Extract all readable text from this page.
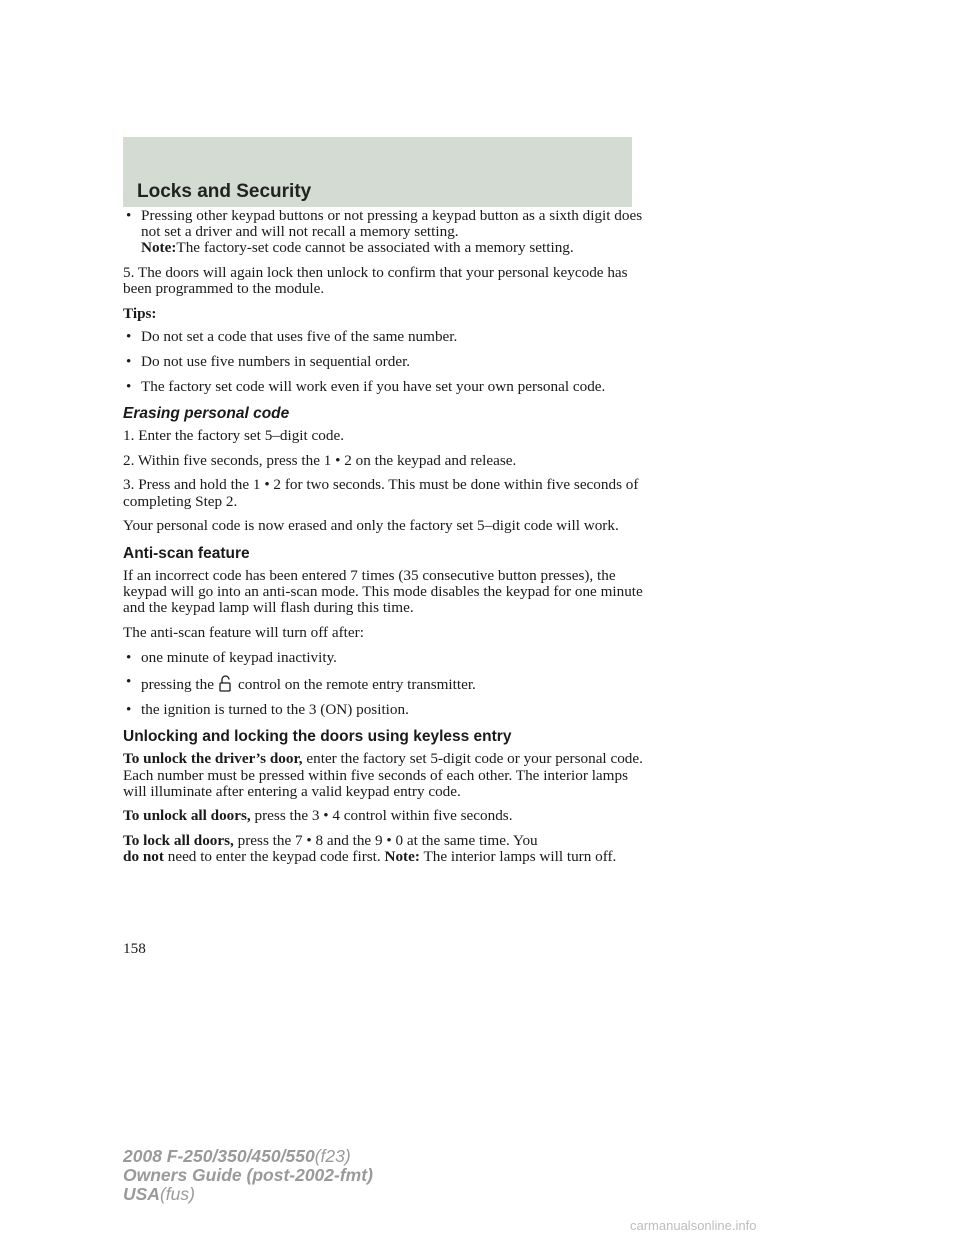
Locks and Security
•
Pressing other keypad buttons or not pressing a keypad button as a sixth digit does not set a driver and will not recall a memory setting.
Note:The factory-set code cannot be associated with a memory setting.

5. The doors will again lock then unlock to confirm that your personal keycode has been programmed to the module.

Tips:

•
Do not set a code that uses five of the same number.
•
Do not use five numbers in sequential order.
•
The factory set code will work even if you have set your own personal code.
Erasing personal code

1. Enter the factory set 5–digit code.

2. Within five seconds, press the 1 • 2 on the keypad and release.

3. Press and hold the 1 • 2 for two seconds. This must be done within five seconds of completing Step 2.

Your personal code is now erased and only the factory set 5–digit code will work.

Anti-scan feature

If an incorrect code has been entered 7 times (35 consecutive button presses), the keypad will go into an anti-scan mode. This mode disables the keypad for one minute and the keypad lamp will flash during this time.

The anti-scan feature will turn off after:

•
one minute of keypad inactivity.
•
pressing the control on the remote entry transmitter.
•
the ignition is turned to the 3 (ON) position.
Unlocking and locking the doors using keyless entry

To unlock the driver’s door, enter the factory set 5-digit code or your personal code. Each number must be pressed within five seconds of each other. The interior lamps will illuminate after entering a valid keypad entry code.

To unlock all doors, press the 3 • 4 control within five seconds.

To lock all doors, press the 7 • 8 and the 9 • 0 at the same time. You
do not need to enter the keypad code first. Note: The interior lamps will turn off.

158
2008 F-250/350/450/550(f23)
Owners Guide (post-2002-fmt)
USA(fus)
carmanualsonline.info
